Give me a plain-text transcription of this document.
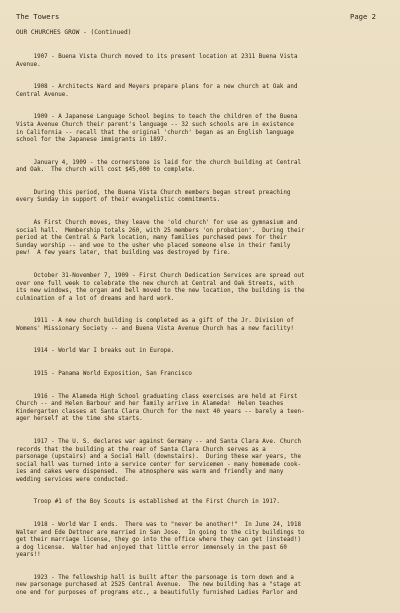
The Towers	Page 2
OUR CHURCHES GROW - (Continued)

1907 - Buena Vista Church moved to its present location at 2311 Buena Vista
Avenue.

1908 - Architects Ward and Meyers prepare plans for a new church at Oak and
Central Avenue.

1909 - A Japanese Language School begins to teach the children of the Buena
Vista Avenue Church their parent's language -- 32 such schools are in existence
in California -- recall that the original 'church' began as an English language
school for the Japanese immigrants in 1897.

January 4, 1909 - the cornerstone is laid for the church building at Central
and Oak.  The church will cost $45,000 to complete.

During this period, the Buena Vista Church members began street preaching
every Sunday in support of their evangelistic commitments.

As First Church moves, they leave the 'old church' for use as gymnasium and
social hall.  Membership totals 260, with 25 members 'on probation'.  During their
period at the Central & Park location, many families purchased pews for their
Sunday worship -- and woe to the usher who placed someone else in their family
pew!  A few years later, that building was destroyed by fire.

October 31-November 7, 1909 - First Church Dedication Services are spread out
over one full week to celebrate the new church at Central and Oak Streets, with
its new windows, the organ and bell moved to the new location, the building is the
culmination of a lot of dreams and hard work.

1911 - A new church building is completed as a gift of the Jr. Division of
Womens' Missionary Society -- and Buena Vista Avenue Church has a new facility!

1914 - World War I breaks out in Europe.

1915 - Panama World Exposition, San Francisco

1916 - The Alameda High School graduating class exercises are held at First
Church -- and Helen Barbour and her family arrive in Alameda!  Helen teaches
Kindergarten classes at Santa Clara Church for the next 40 years -- barely a teen-
ager herself at the time she starts.

1917 - The U. S. declares war against Germany -- and Santa Clara Ave. Church
records that the building at the rear of Santa Clara Church serves as a
parsonage (upstairs) and a Social Hall (downstairs).  During these war years, the
social hall was turned into a service center for servicemen - many homemade cook-
ies and cakes were dispensed.  The atmosphere was warm and friendly and many
wedding services were conducted.

Troop #1 of the Boy Scouts is established at the First Church in 1917.

1918 - World War I ends.  There was to "never be another!"  In June 24, 1918
Walter and Ede Dettner are married in San Jose.  In going to the city buildings to
get their marriage license, they go into the office where they can get (instead!)
a dog license.  Walter had enjoyed that little error immensely in the past 60
years!!

1923 - The fellowship hall is built after the parsonage is torn down and a
new parsonage purchased at 2525 Central Avenue.  The new building has a "stage at
one end for purposes of programs etc., a beautifully furnished Ladies Parlor and
